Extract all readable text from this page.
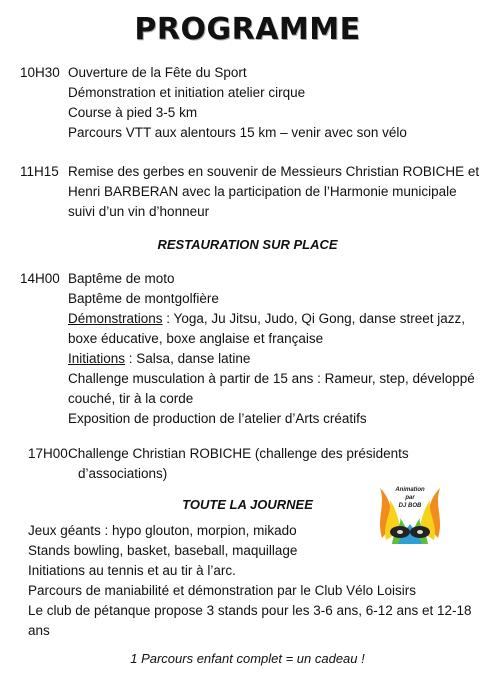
PROGRAMME
10H30 Ouverture de la Fête du Sport
Démonstration et initiation atelier cirque
Course à pied 3-5 km
Parcours VTT aux alentours 15 km – venir avec son vélo
11H15 Remise des gerbes en souvenir de Messieurs Christian ROBICHE et
Henri BARBERAN avec la participation de l’Harmonie municipale
suivi d’un vin d’honneur
RESTAURATION SUR PLACE
14H00 Baptême de moto
Baptême de montgolfière
Démonstrations : Yoga, Ju Jitsu, Judo, Qi Gong, danse street jazz,
boxe éducative, boxe anglaise et française
Initiations : Salsa, danse latine
Challenge musculation à partir de 15 ans : Rameur, step, développé
couché, tir à la corde
Exposition de production de l’atelier d’Arts créatifs
17H00 Challenge Christian ROBICHE (challenge des présidents
d’associations)
TOUTE LA JOURNEE
Animation
par
DJ BOB
Jeux géants : hypo glouton, morpion, mikado
Stands bowling, basket, baseball, maquillage
Initiations au tennis et au tir à l’arc.
Parcours de maniabilité et démonstration par le Club Vélo Loisirs
Le club de pétanque propose 3 stands pour les 3-6 ans, 6-12 ans et 12-18
ans
1 Parcours enfant complet = un cadeau !
